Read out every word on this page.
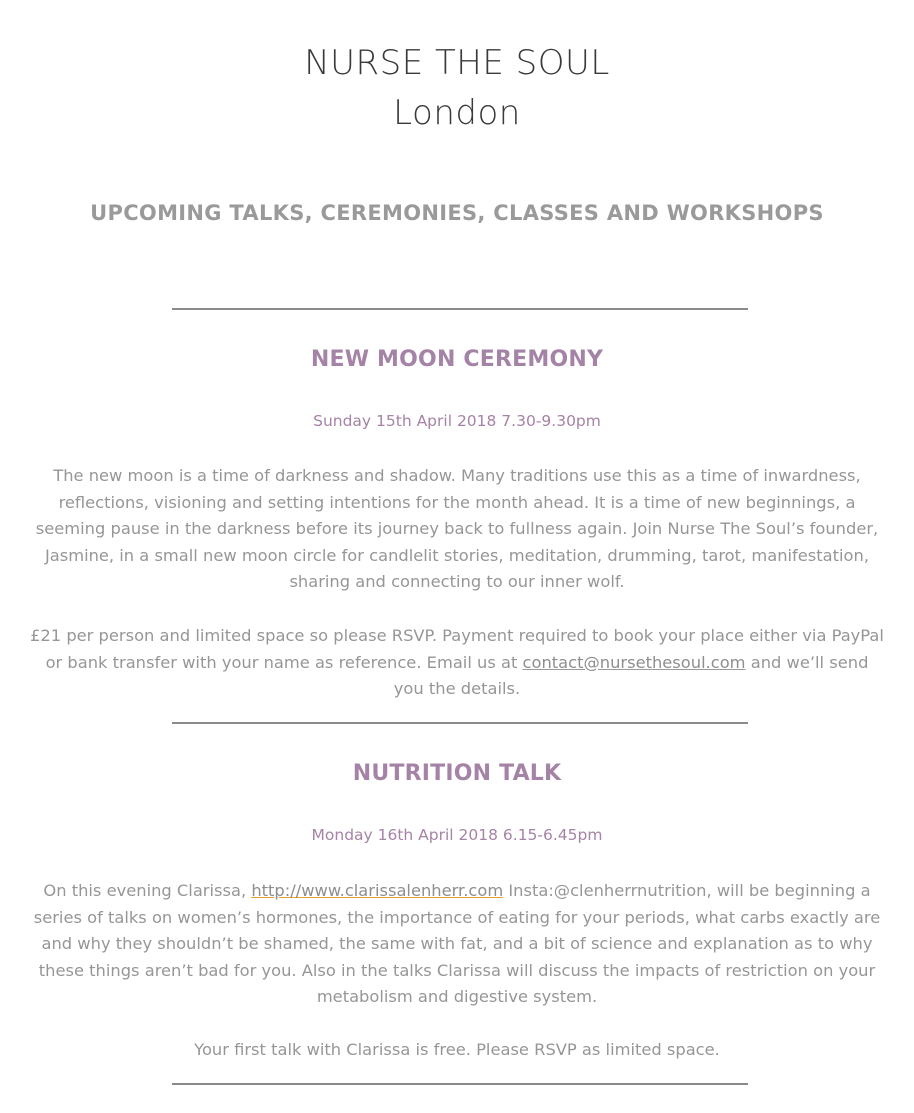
NURSE THE SOUL
London
UPCOMING TALKS, CEREMONIES, CLASSES AND WORKSHOPS
NEW MOON CEREMONY
Sunday 15th April 2018 7.30-9.30pm

The new moon is a time of darkness and shadow. Many traditions use this as a time of inwardness, reflections, visioning and setting intentions for the month ahead. It is a time of new beginnings, a seeming pause in the darkness before its journey back to fullness again. Join Nurse The Soul’s founder, Jasmine, in a small new moon circle for candlelit stories, meditation, drumming, tarot, manifestation, sharing and connecting to our inner wolf.

£21 per person and limited space so please RSVP. Payment required to book your place either via PayPal or bank transfer with your name as reference. Email us at contact@nursethesoul.com and we’ll send you the details.

NUTRITION TALK
Monday 16th April 2018 6.15-6.45pm

On this evening Clarissa, http://www.clarissalenherr.com Insta:@clenherrnutrition, will be beginning a series of talks on women’s hormones, the importance of eating for your periods, what carbs exactly are and why they shouldn’t be shamed, the same with fat, and a bit of science and explanation as to why these things aren’t bad for you. Also in the talks Clarissa will discuss the impacts of restriction on your metabolism and digestive system.

Your first talk with Clarissa is free. Please RSVP as limited space.
